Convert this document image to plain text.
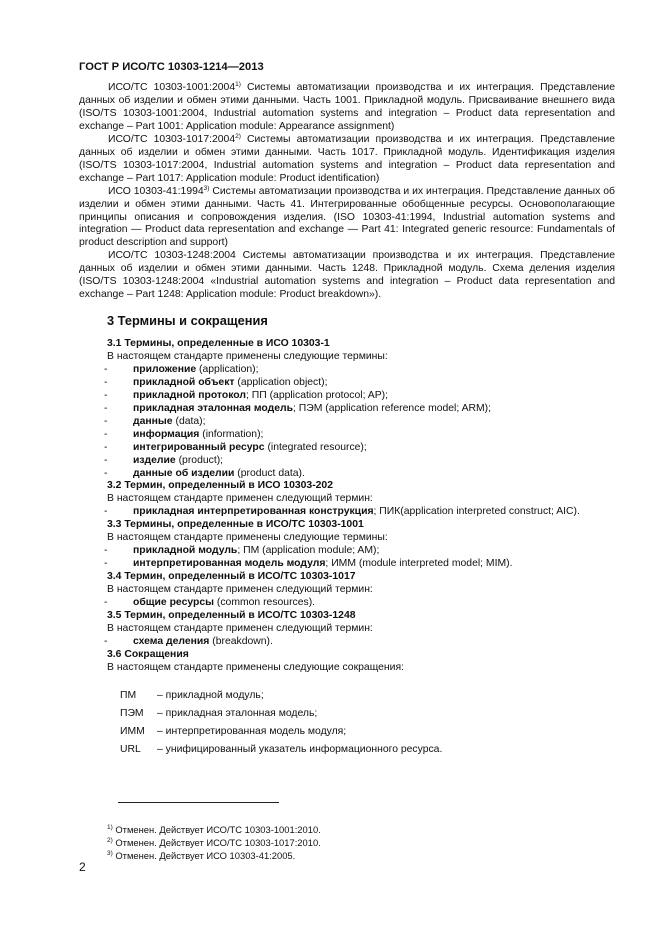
ГОСТ Р ИСО/ТС 10303-1214—2013

ИСО/ТС 10303-1001:2004$^{1)}$ Системы автоматизации производства и их интеграция. Представление данных об изделии и обмен этими данными. Часть 1001. Прикладной модуль. Присваивание внешнего вида (ISO/TS 10303-1001:2004, Industrial automation systems and integration – Product data representation and exchange – Part 1001: Application module: Appearance assignment)

ИСО/ТС 10303-1017:2004$^{2)}$ Системы автоматизации производства и их интеграция. Представление данных об изделии и обмен этими данными. Часть 1017. Прикладной модуль. Идентификация изделия (ISO/TS 10303-1017:2004, Industrial automation systems and integration – Product data representation and exchange – Part 1017: Application module: Product identification)

ИСО 10303-41:1994$^{3)}$ Системы автоматизации производства и их интеграция. Представление данных об изделии и обмен этими данными. Часть 41. Интегрированные обобщенные ресурсы. Основополагающие принципы описания и сопровождения изделия. (ISO 10303-41:1994, Industrial automation systems and integration — Product data representation and exchange — Part 41: Integrated generic resource: Fundamentals of product description and support)

ИСО/ТС 10303-1248:2004 Системы автоматизации производства и их интеграция. Представление данных об изделии и обмен этими данными. Часть 1248. Прикладной модуль. Схема деления изделия (ISO/TS 10303-1248:2004 «Industrial automation systems and integration – Product data representation and exchange – Part 1248: Application module: Product breakdown»).

3 Термины и сокращения
3.1 Термины, определенные в ИСО 10303-1
В настоящем стандарте применены следующие термины:
- приложение (application);
- прикладной объект (application object);
- прикладной протокол; ПП (application protocol; AP);
- прикладная эталонная модель; ПЭМ (application reference model; ARM);
- данные (data);
- информация (information);
- интегрированный ресурс (integrated resource);
- изделие (product);
- данные об изделии (product data).
3.2 Термин, определенный в ИСО 10303-202
В настоящем стандарте применен следующий термин:
- прикладная интерпретированная конструкция; ПИК(application interpreted construct; AIC).
3.3 Термины, определенные в ИСО/ТС 10303-1001
В настоящем стандарте применены следующие термины:
- прикладной модуль; ПМ (application module; AM);
- интерпретированная модель модуля; ИММ (module interpreted model; MIM).
3.4 Термин, определенный в ИСО/ТС 10303-1017
В настоящем стандарте применен следующий термин:
- общие ресурсы (common resources).
3.5 Термин, определенный в ИСО/ТС 10303-1248
В настоящем стандарте применен следующий термин:
- схема деления (breakdown).
3.6 Сокращения
В настоящем стандарте применены следующие сокращения:
ПМ – прикладной модуль;
ПЭМ – прикладная эталонная модель;
ИММ – интерпретированная модель модуля;
URL – унифицированный указатель информационного ресурса.
$^{1)}$ Отменен. Действует ИСО/ТС 10303-1001:2010.
$^{2)}$ Отменен. Действует ИСО/ТС 10303-1017:2010.
$^{3)}$ Отменен. Действует ИСО 10303-41:2005.
2
